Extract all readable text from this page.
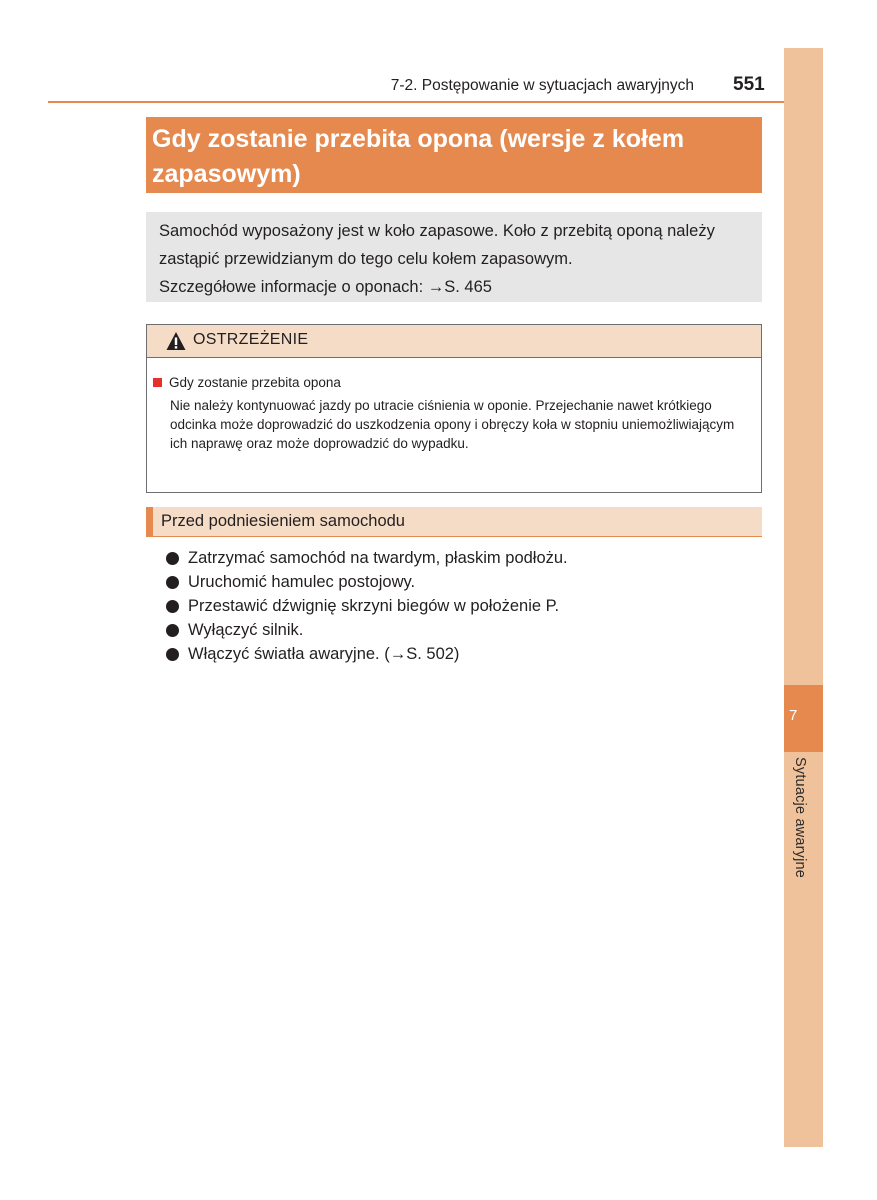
7
Sytuacje awaryjne
7-2. Postępowanie w sytuacjach awaryjnych 551
Gdy zostanie przebita opona (wersje z kołem zapasowym)

Samochód wyposażony jest w koło zapasowe. Koło z przebitą oponą należy zastąpić przewidzianym do tego celu kołem zapasowym.

Szczegółowe informacje o oponach: →S. 465

OSTRZEŻENIE

Gdy zostanie przebita opona

Nie należy kontynuować jazdy po utracie ciśnienia w oponie. Przejechanie nawet krótkiego odcinka może doprowadzić do uszkodzenia opony i obręczy koła w stopniu uniemożliwiającym ich naprawę oraz może doprowadzić do wypadku.

Przed podniesieniem samochodu
Zatrzymać samochód na twardym, płaskim podłożu.
Uruchomić hamulec postojowy.
Przestawić dźwignię skrzyni biegów w położenie P.
Wyłączyć silnik.
Włączyć światła awaryjne. (→S. 502)
